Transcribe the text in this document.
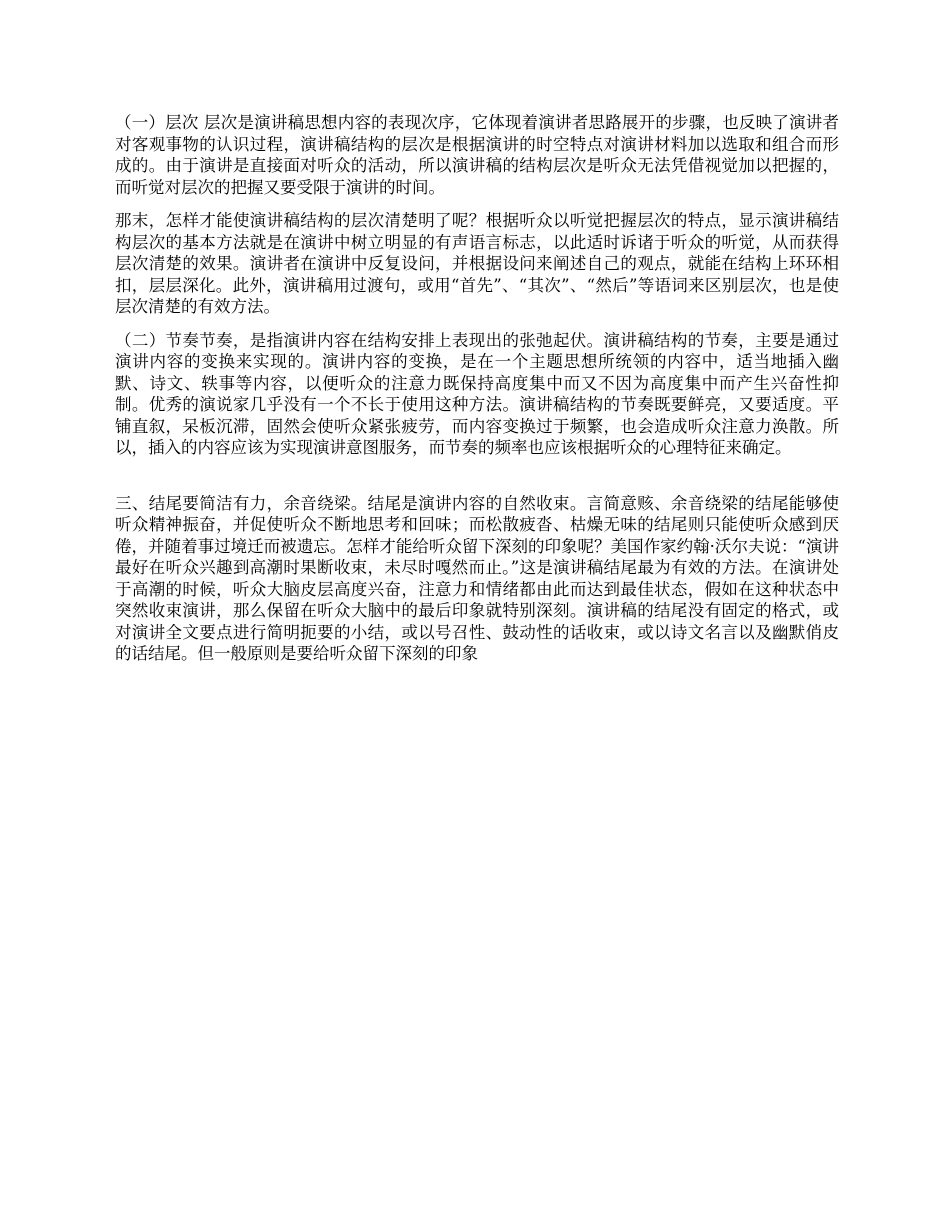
（一）层次 层次是演讲稿思想内容的表现次序，它体现着演讲者思路展开的步骤，也反映了演讲者对客观事物的认识过程，演讲稿结构的层次是根据演讲的时空特点对演讲材料加以选取和组合而形成的。由于演讲是直接面对听众的活动，所以演讲稿的结构层次是听众无法凭借视觉加以把握的，而听觉对层次的把握又要受限于演讲的时间。

那末，怎样才能使演讲稿结构的层次清楚明了呢？根据听众以听觉把握层次的特点，显示演讲稿结构层次的基本方法就是在演讲中树立明显的有声语言标志，以此适时诉诸于听众的听觉，从而获得层次清楚的效果。演讲者在演讲中反复设问，并根据设问来阐述自己的观点，就能在结构上环环相扣，层层深化。此外，演讲稿用过渡句，或用“首先”、“其次”、“然后”等语词来区别层次，也是使层次清楚的有效方法。

（二）节奏节奏，是指演讲内容在结构安排上表现出的张弛起伏。演讲稿结构的节奏，主要是通过演讲内容的变换来实现的。演讲内容的变换，是在一个主题思想所统领的内容中，适当地插入幽默、诗文、轶事等内容，以便听众的注意力既保持高度集中而又不因为高度集中而产生兴奋性抑制。优秀的演说家几乎没有一个不长于使用这种方法。演讲稿结构的节奏既要鲜亮，又要适度。平铺直叙，呆板沉滞，固然会使听众紧张疲劳，而内容变换过于频繁，也会造成听众注意力涣散。所以，插入的内容应该为实现演讲意图服务，而节奏的频率也应该根据听众的心理特征来确定。

三、结尾要简洁有力，余音绕梁。结尾是演讲内容的自然收束。言简意赅、余音绕梁的结尾能够使听众精神振奋，并促使听众不断地思考和回味；而松散疲沓、枯燥无味的结尾则只能使听众感到厌倦，并随着事过境迁而被遗忘。怎样才能给听众留下深刻的印象呢？美国作家约翰·沃尔夫说：“演讲最好在听众兴趣到高潮时果断收束，未尽时嘎然而止。”这是演讲稿结尾最为有效的方法。在演讲处于高潮的时候，听众大脑皮层高度兴奋，注意力和情绪都由此而达到最佳状态，假如在这种状态中突然收束演讲，那么保留在听众大脑中的最后印象就特别深刻。演讲稿的结尾没有固定的格式，或对演讲全文要点进行简明扼要的小结，或以号召性、鼓动性的话收束，或以诗文名言以及幽默俏皮的话结尾。但一般原则是要给听众留下深刻的印象
